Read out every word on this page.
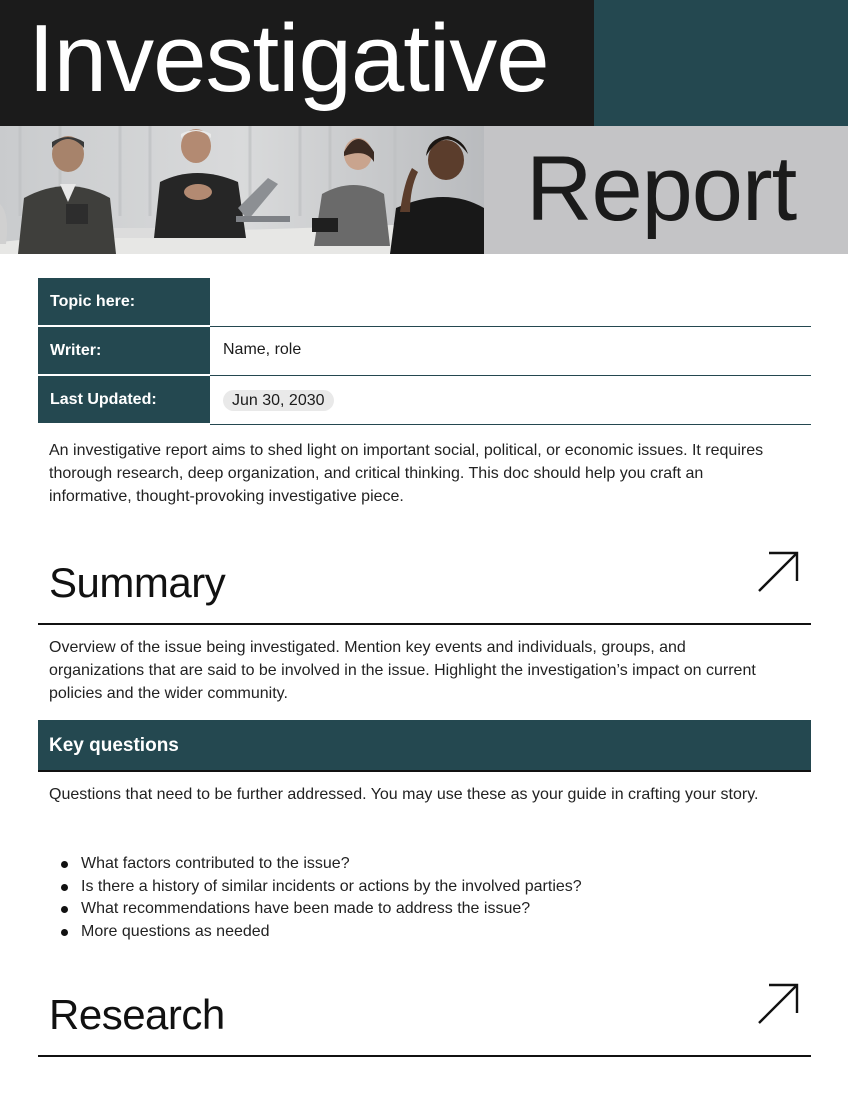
Investigative
Report
Topic here:
Writer:	Name, role
Last Updated:	Jun 30, 2030
An investigative report aims to shed light on important social, political, or economic issues. It requires thorough research, deep organization, and critical thinking. This doc should help you craft an informative, thought-provoking investigative piece.
Summary
Overview of the issue being investigated. Mention key events and individuals, groups, and organizations that are said to be involved in the issue. Highlight the investigation’s impact on current policies and the wider community.
Key questions
Questions that need to be further addressed. You may use these as your guide in crafting your story.
What factors contributed to the issue?
Is there a history of similar incidents or actions by the involved parties?
What recommendations have been made to address the issue?
More questions as needed
Research
